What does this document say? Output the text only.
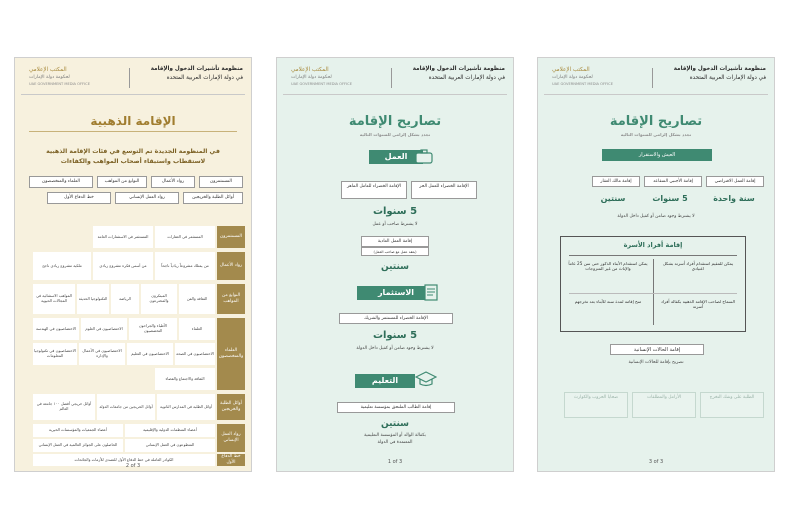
منظومة تأشيرات الدخول والإقامة
في دولة الإمارات العربية المتحدة
المكتب الإعلامي
لحكومة دولة الإمارات
UAE GOVERNMENT MEDIA OFFICE
الإقامة الذهبية
في المنظومة الجديدة تم التوسع في فئات الإقامة الذهبية
لاستقطاب واستبقاء أصحاب المواهب والكفاءات
المستثمرون
رواد الأعمال
النوابغ من المواهب
العلماء والمتخصصون
أوائل الطلبة والخريجين
رواد العمل الإنساني
خط الدفاع الأول
المستثمرون
المستثمر في العقارات
المستثمر في الاستثمارات العامة
رواد الأعمال
من يمتلك مشروعاً ريادياً ناجحاً
من أسس فكرة مشروع ريادي
ملكية مشروع ريادي ناجح
النوابغ من المواهب
الثقافة والفن
المبتكرون والمخترعون
الرياضة
التكنولوجيا الحديثة
المواهب الاستثنائية في المجالات الحيوية
العلماء والمتخصصون
العلماء
الأطباء والجراحون التخصصيون
الاختصاصيون في العلوم
الاختصاصيون في الهندسة
الاختصاصيون في الصحة
الاختصاصيون في التعليم
الاختصاصيون في الأعمال والإدارة
الاختصاصيون في تكنولوجيا المعلومات
الثقافة والاجتماع والقضاء
أوائل الطلبة والخريجين
أوائل الطلبة في المدارس الثانوية
أوائل الخريجين من جامعات الدولة
أوائل خريجي أفضل ١٠٠ جامعة في العالم
رواد العمل الإنساني
أعضاء المنظمات الدولية والإقليمية
أعضاء الجمعيات والمؤسسات الخيرية
المتطوعون في العمل الإنساني
الحاصلون على الجوائز العالمية في العمل الإنساني
خط الدفاع الأول
الكوادر العاملة في خط الدفاع الأول للتصدي للأزمات والجائحات
منظومة تأشيرات الدخول والإقامة
في دولة الإمارات العربية المتحدة
المكتب الإعلامي
لحكومة دولة الإمارات
UAE GOVERNMENT MEDIA OFFICE
تصاريح الإقامة
تجدد بشكل إلزامي للسنوات التالية
العمل
الإقامة الخضراء للعمل الحر
الإقامة الخضراء للعامل الماهر
5 سنوات
لا يشترط صاحب أو عمل
إقامة العمل العادية
(بعقد عمل مع صاحب العمل)
سنتين
الاستثمار
الإقامة الخضراء للمستثمر والشريك
5 سنوات
لا يشترط وجود ضامن أو كفيل داخل الدولة
التعليم
إقامة الطالب الملتحق بمؤسسة تعليمية
سنتين
بكفالة الوالد أو المؤسسة التعليمية
المعتمدة في الدولة
1 of 3
منظومة تأشيرات الدخول والإقامة
في دولة الإمارات العربية المتحدة
المكتب الإعلامي
لحكومة دولة الإمارات
UAE GOVERNMENT MEDIA OFFICE
تصاريح الإقامة
تجدد بشكل إلزامي للسنوات التالية
العيش والاستقرار
إقامة العمل الافتراضي
إقامة الأجنبي المتقاعد
إقامة مالك العقار
سنة واحدة
5 سنوات
سنتين
لا يشترط وجود ضامن أو كفيل داخل الدولة
إقامة أفراد الأسرة
يمكن للمقيم استقدام أفراد أسرته بشكل اعتيادي
يمكن استقدام الأبناء الذكور حتى سن 25 عاماً والإناث من غير المتزوجات
السماح لصاحب الإقامة الذهبية بكفالة أفراد أسرته
منح إقامة لمدة سنة للأبناء بعد تخرجهم
إقامة الحالات الإنسانية
تصريح بإقامة للحالات الإنسانية
الطلبة على وشك التخرج
الأرامل والمطلقات
ضحايا الحروب والكوارث
3 of 3
2 of 3
